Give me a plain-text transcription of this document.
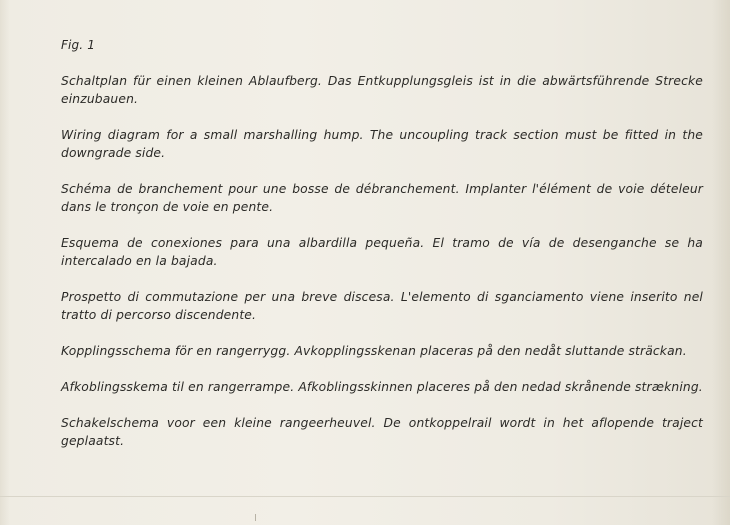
Fig. 1

Schaltplan für einen kleinen Ablaufberg. Das Entkupplungsgleis ist in die abwärtsführende Strecke einzubauen.

Wiring diagram for a small marshalling hump. The uncoupling track section must be fitted in the downgrade side.

Schéma de branchement pour une bosse de débranchement. Implanter l'élément de voie dételeur dans le tronçon de voie en pente.

Esquema de conexiones para una albardilla pequeña. El tramo de vía de desenganche se ha intercalado en la bajada.

Prospetto di commutazione per una breve discesa. L'elemento di sganciamento viene inserito nel tratto di percorso discendente.

Kopplingsschema för en rangerrygg. Avkopplingsskenan placeras på den nedåt sluttande sträckan.

Afkoblingsskema til en rangerrampe. Afkoblingsskinnen placeres på den nedad skrånende strækning.

Schakelschema voor een kleine rangeerheuvel. De ontkoppelrail wordt in het aflopende traject geplaatst.
